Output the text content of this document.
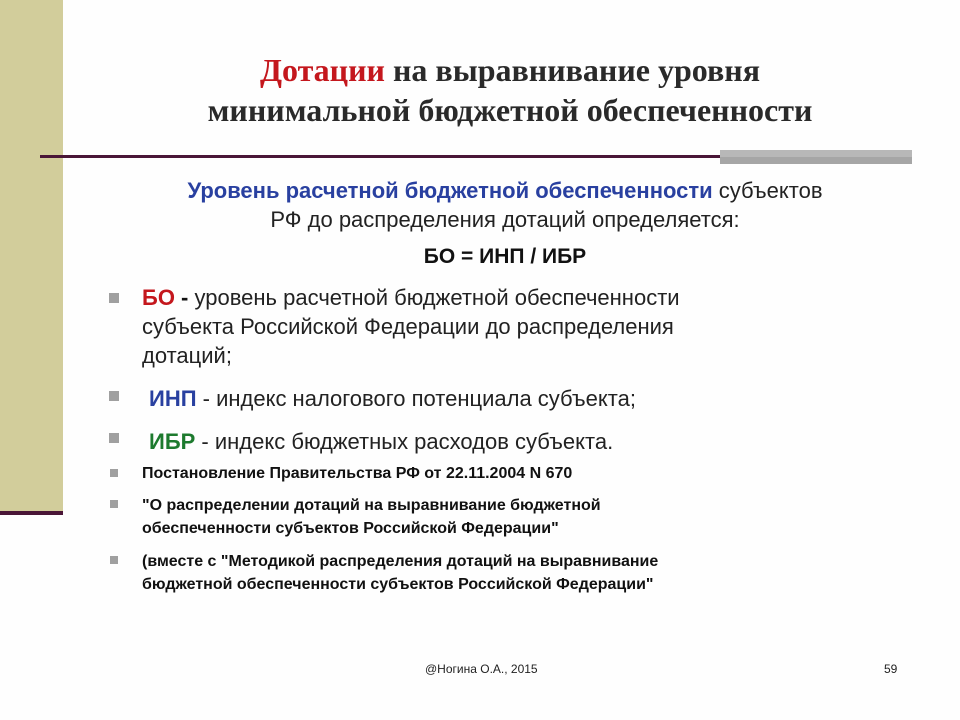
Дотации на выравнивание уровня
минимальной бюджетной обеспеченности
Уровень расчетной бюджетной обеспеченности субъектов
РФ до распределения дотаций определяется:
БО = ИНП / ИБР
БО - уровень расчетной бюджетной обеспеченности
субъекта Российской Федерации до распределения
дотаций;
ИНП - индекс налогового потенциала субъекта;
ИБР - индекс бюджетных расходов субъекта.
Постановление Правительства РФ от 22.11.2004 N 670
"О распределении дотаций на выравнивание бюджетной
обеспеченности субъектов Российской Федерации"
(вместе с "Методикой распределения дотаций на выравнивание
бюджетной обеспеченности субъектов Российской Федерации"
@Ногина О.А., 2015	59
